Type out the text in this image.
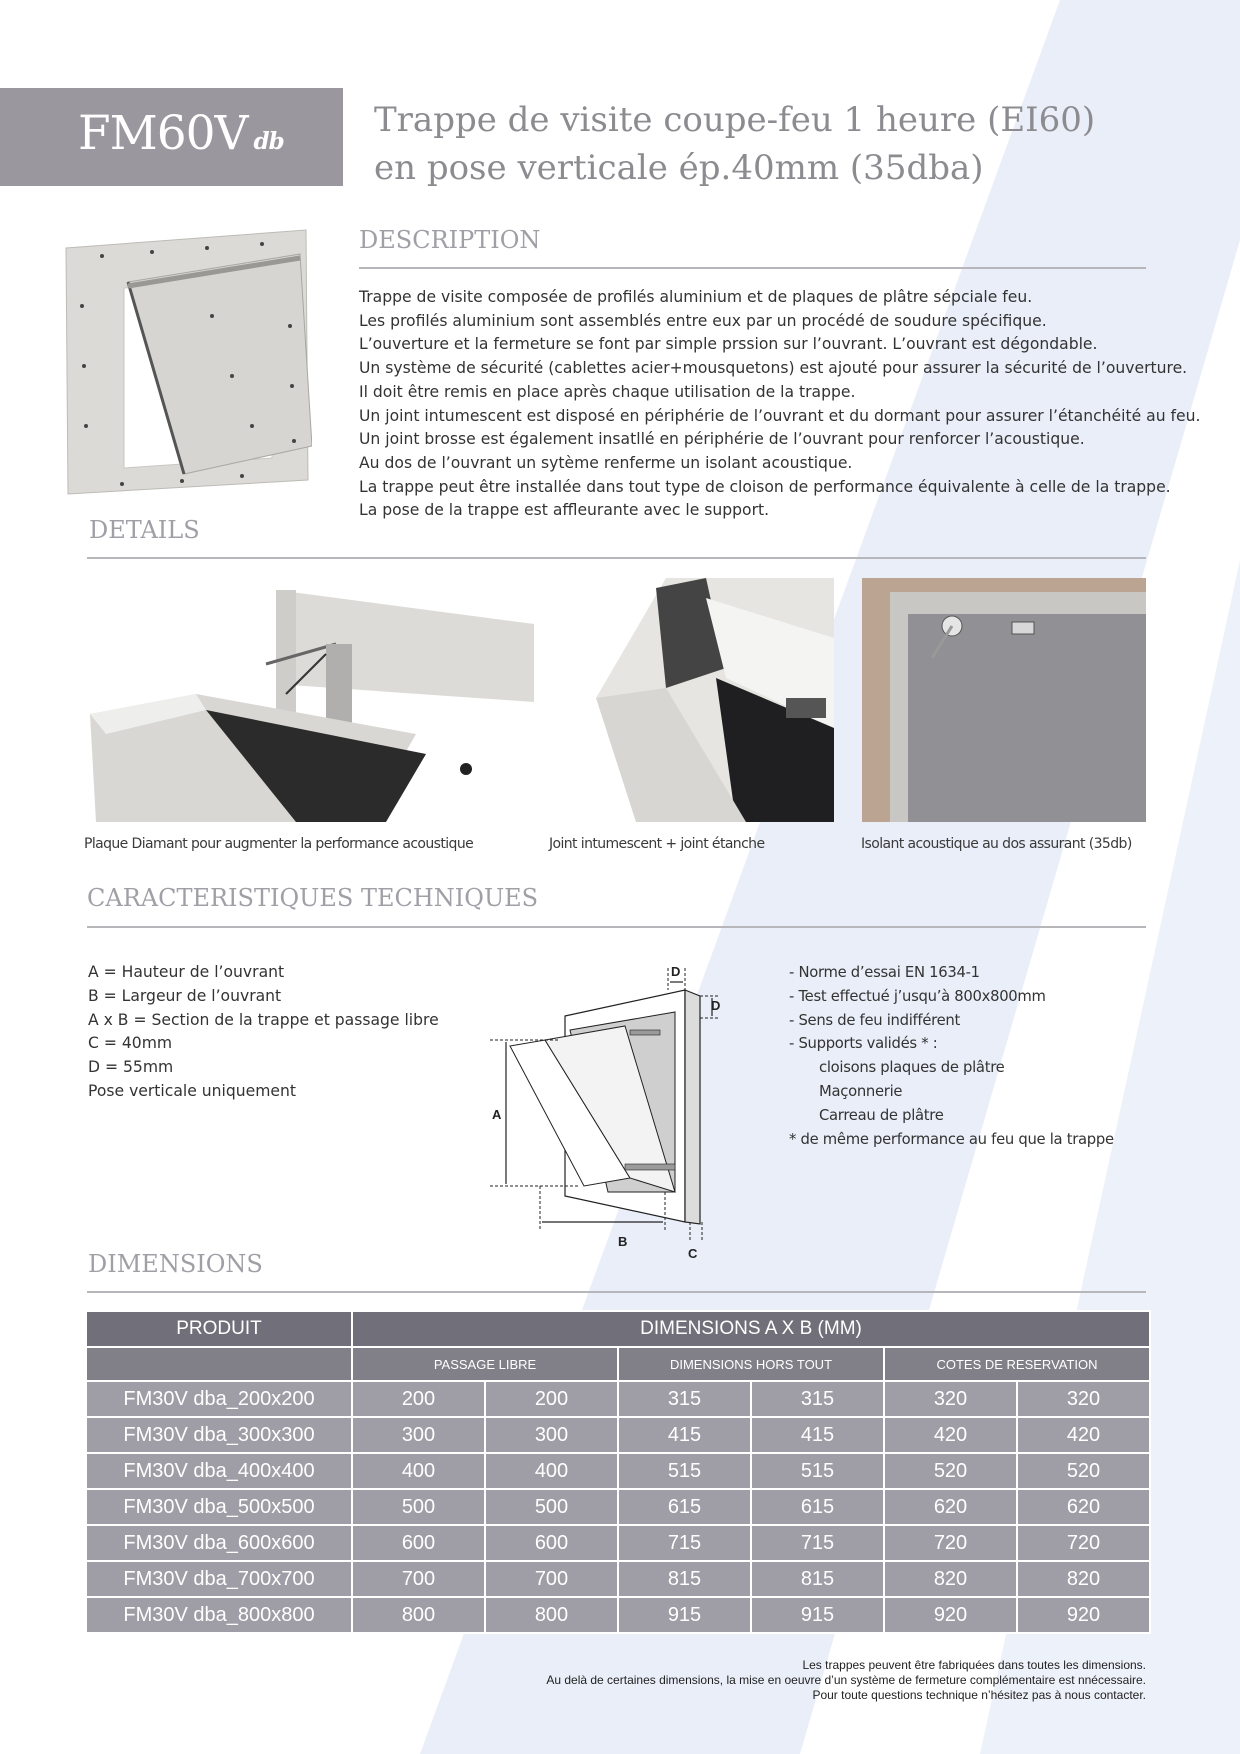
FM60V db
Trappe de visite coupe-feu 1 heure (EI60)
en pose verticale ép.40mm (35dba)
DESCRIPTION

Trappe de visite composée de profilés aluminium et de plaques de plâtre sépciale feu.

Les profilés aluminium sont assemblés entre eux par un procédé de soudure spécifique.

L’ouverture et la fermeture se font par simple prssion sur l’ouvrant. L’ouvrant est dégondable.

Un système de sécurité (cablettes acier+mousquetons) est ajouté pour assurer la sécurité de l’ouverture.

Il doit être remis en place après chaque utilisation de la trappe.

Un joint intumescent est disposé en périphérie de l’ouvrant et du dormant pour assurer l’étanchéité au feu.

Un joint brosse est également insatllé en périphérie de l’ouvrant pour renforcer l’acoustique.

Au dos de l’ouvrant un sytème renferme un isolant acoustique.

La trappe peut être installée dans tout type de cloison de performance équivalente à celle de la trappe.

La pose de la trappe est affleurante avec le support.

DETAILS
Plaque Diamant pour augmenter la performance acoustique	Joint intumescent + joint étanche	Isolant acoustique au dos assurant (35db)
CARACTERISTIQUES TECHNIQUES

A = Hauteur de l’ouvrant

B = Largeur de l’ouvrant

A x B = Section de la trappe et passage libre

C = 40mm

D = 55mm

Pose verticale uniquement

A
B
C
D
D

- Norme d’essai EN 1634-1

- Test effectué j’usqu’à 800x800mm

- Sens de feu indifférent

- Supports validés * :

cloisons plaques de plâtre

Maçonnerie

Carreau de plâtre

* de même performance au feu que la trappe

DIMENSIONS
PRODUIT	DIMENSIONS A X B (MM)					
	PASSAGE LIBRE		DIMENSIONS HORS TOUT		COTES DE RESERVATION	
FM30V dba_200x200	200	200	315	315	320	320
FM30V dba_300x300	300	300	415	415	420	420
FM30V dba_400x400	400	400	515	515	520	520
FM30V dba_500x500	500	500	615	615	620	620
FM30V dba_600x600	600	600	715	715	720	720
FM30V dba_700x700	700	700	815	815	820	820
FM30V dba_800x800	800	800	915	915	920	920

Les trappes peuvent être fabriquées dans toutes les dimensions.

Au delà de certaines dimensions, la mise en oeuvre d’un système de fermeture complémentaire est nnécessaire.

Pour toute questions technique n’hésitez pas à nous contacter.
